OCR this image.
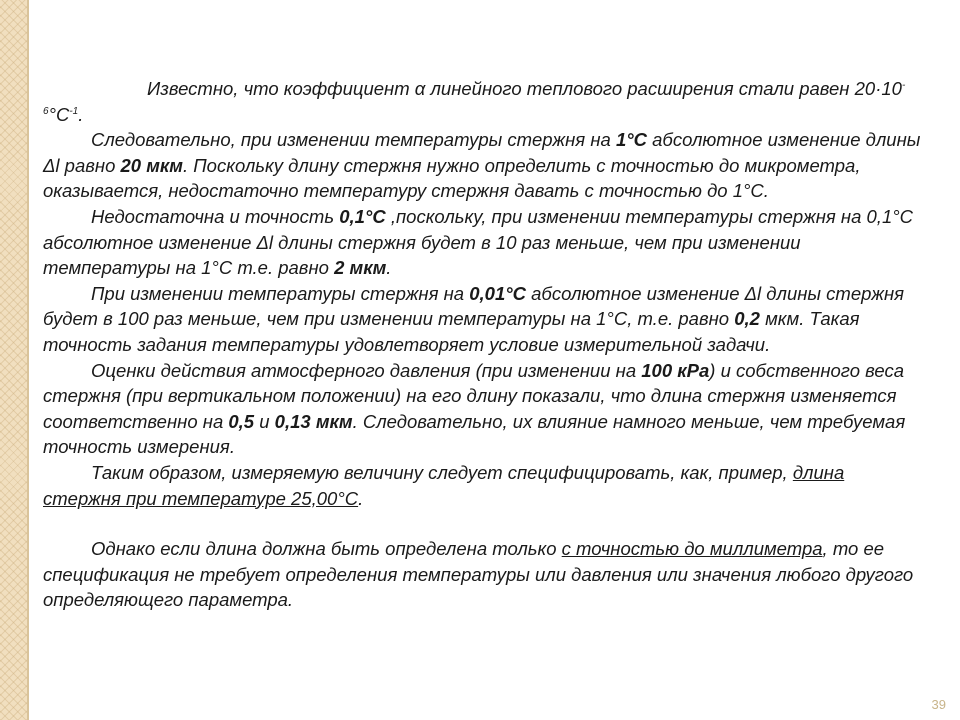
Известно, что коэффициент α линейного теплового расширения стали равен $20\cdot 10^{-6}^\circ C^{-1}$.

Следовательно, при изменении температуры стержня на 1°C абсолютное изменение длины Δl равно 20 мкм. Поскольку длину стержня нужно определить с точностью до микрометра, оказывается, недостаточно температуру стержня давать с точностью до 1°С.

Недостаточна и точность 0,1°C ,поскольку, при изменении температуры стержня на 0,1°С абсолютное изменение Δl длины стержня будет в 10 раз меньше, чем при изменении температуры на 1°С т.е. равно 2 мкм.

При изменении температуры стержня на 0,01°C абсолютное изменение Δl длины стержня будет в 100 раз меньше, чем при изменении температуры на 1°С, т.е. равно 0,2 мкм. Такая точность задания температуры удовлетворяет условие измерительной задачи.

Оценки действия атмосферного давления (при изменении на 100 кРа) и собственного веса стержня (при вертикальном положении) на его длину показали, что длина стержня изменяется соответственно на 0,5 и 0,13 мкм. Следовательно, их влияние намного меньше, чем требуемая точность измерения.

Таким образом, измеряемую величину следует специфицировать, как, пример, длина стержня при температуре 25,00°С.

Однако если длина должна быть определена только с точностью до миллиметра, то ее спецификация не требует определения температуры или давления или значения любого другого определяющего параметра.

39
